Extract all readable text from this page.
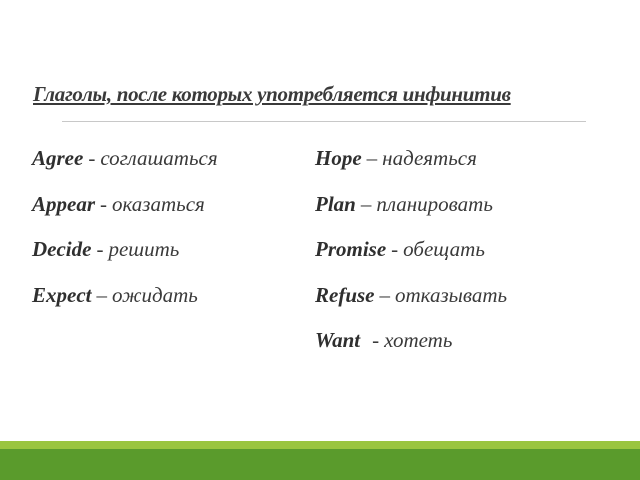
Глаголы, после которых употребляется инфинитив
Agree - соглашаться
Appear - оказаться
Decide - решить
Expect – ожидать
Hope – надеяться
Plan – планировать
Promise - обещать
Refuse – отказывать
Want - хотеть
